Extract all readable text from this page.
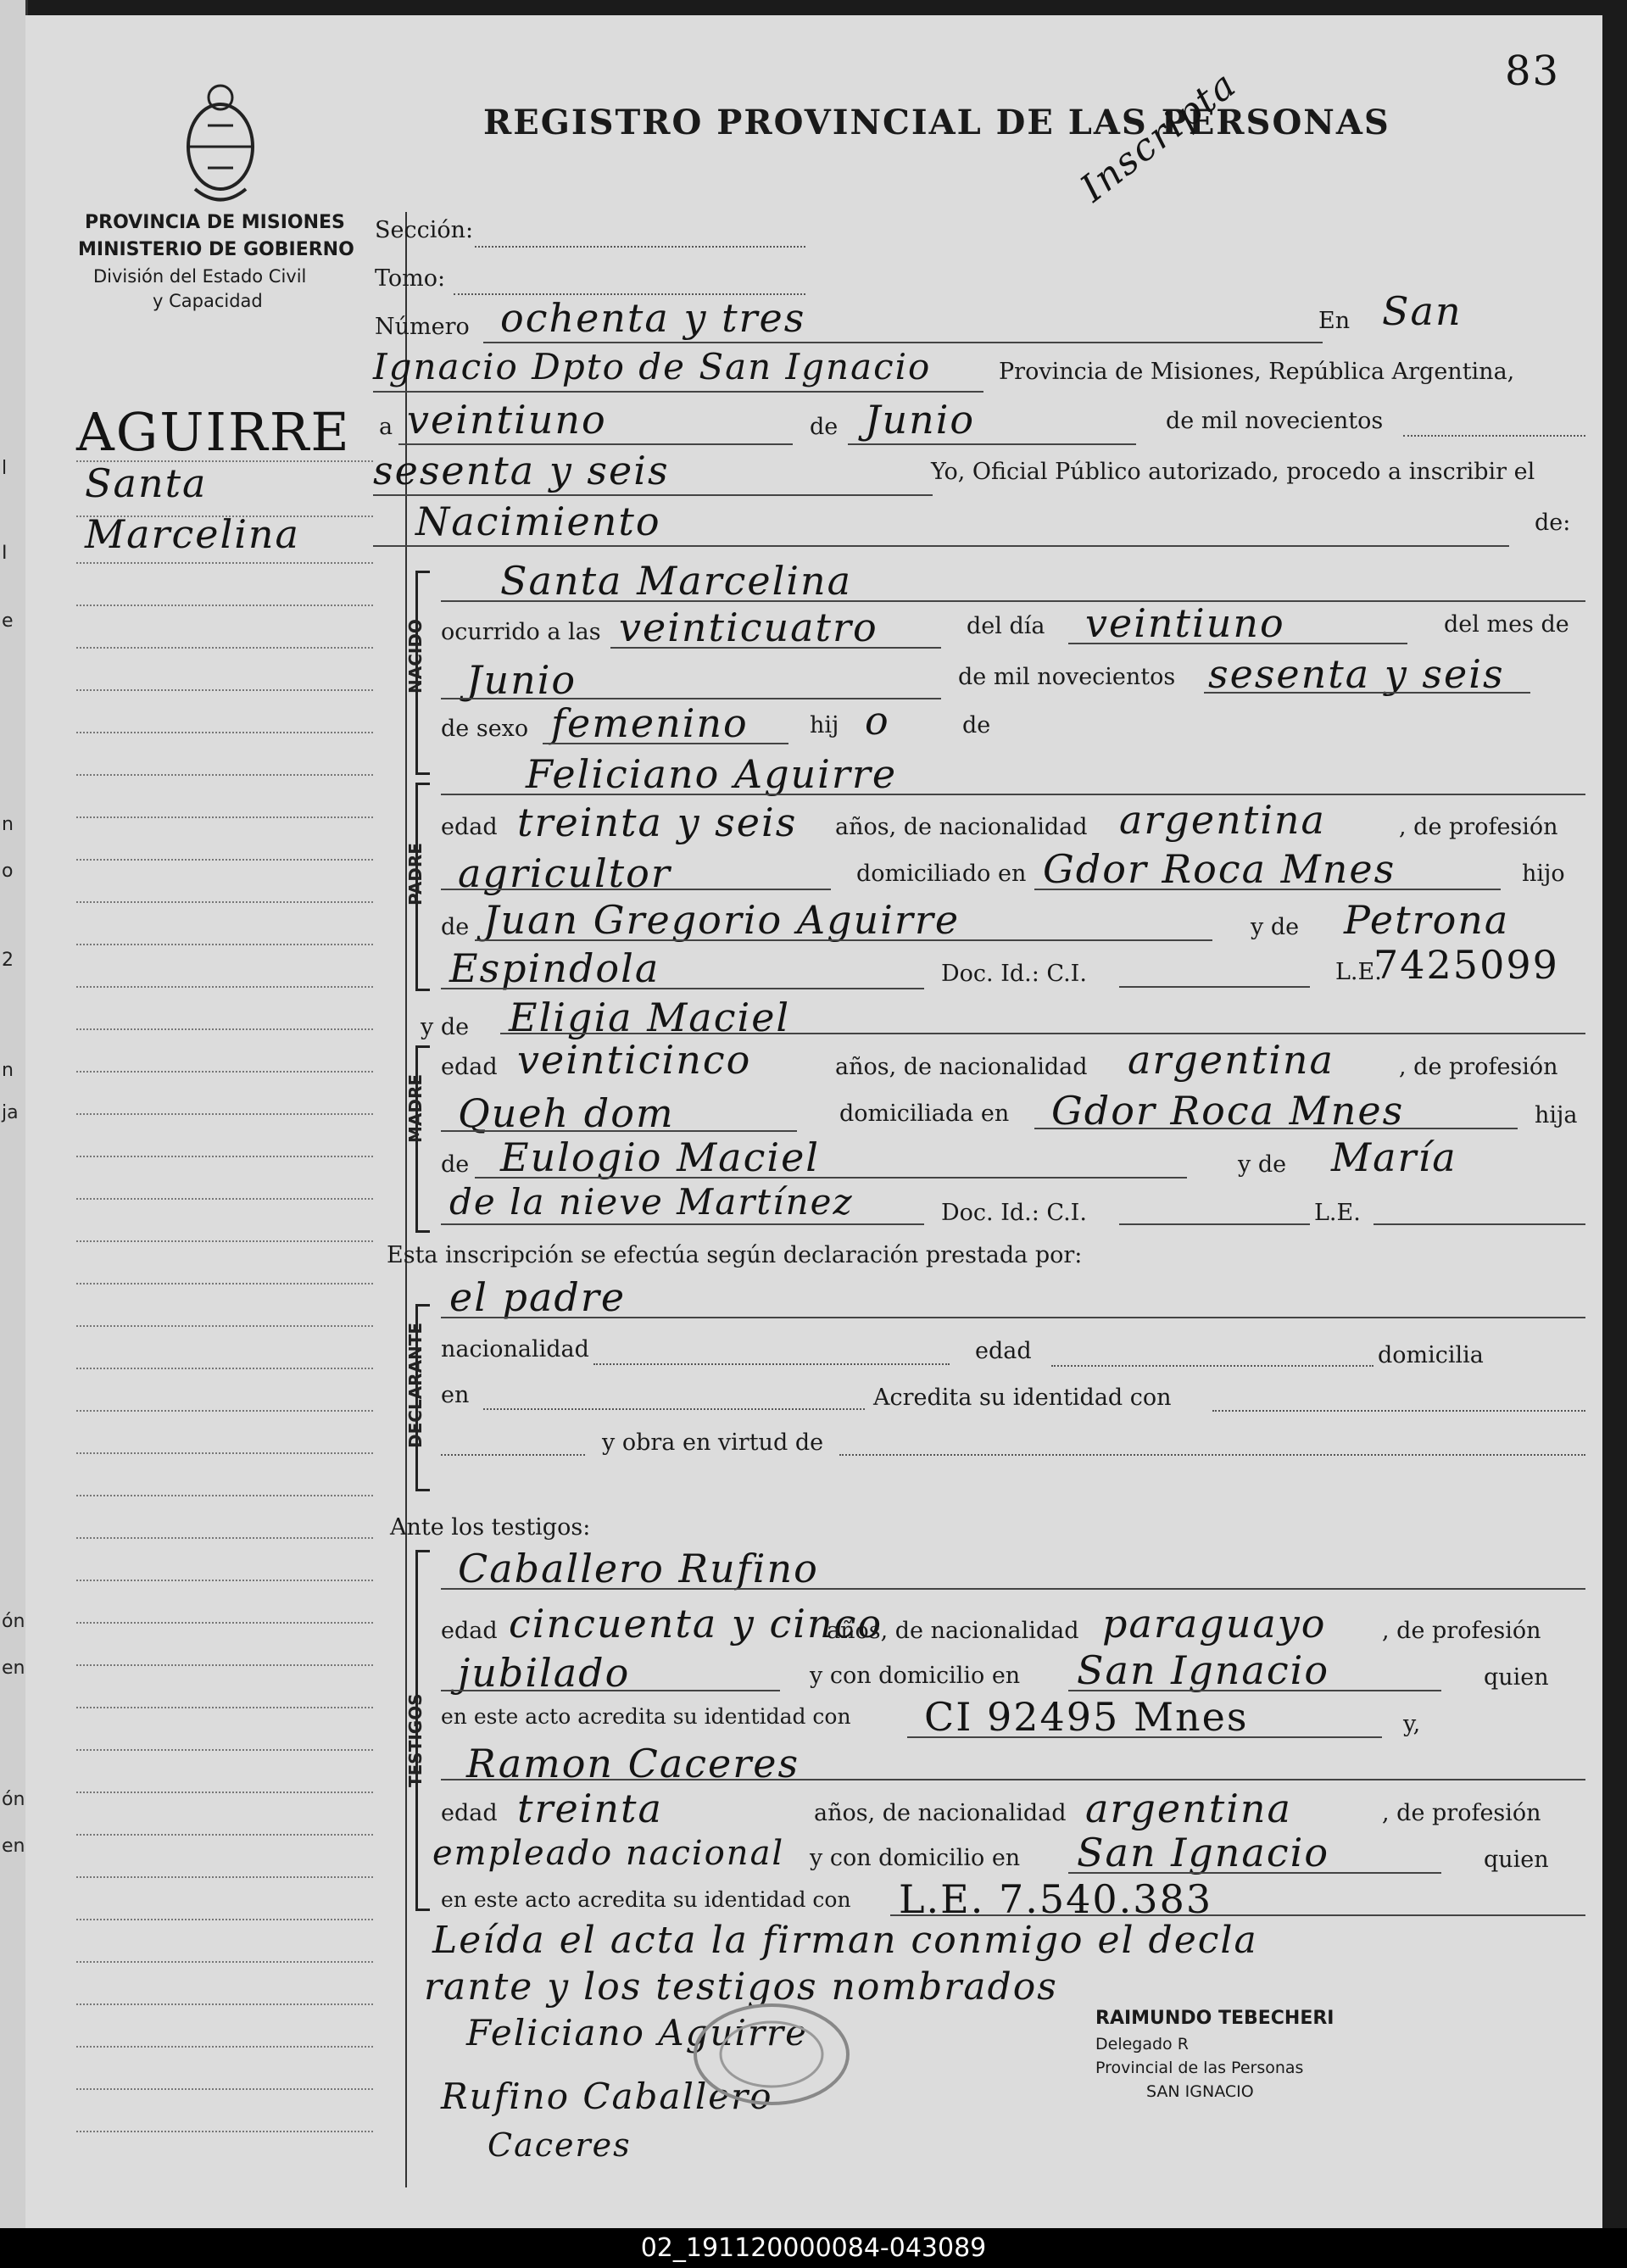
l
I
e
n
o
2
n
ja
ón
en
ón
en
PROVINCIA DE MISIONES
MINISTERIO DE GOBIERNO
División del Estado Civil
y Capacidad
REGISTRO PROVINCIAL DE LAS PERSONAS
83
Inscripta
AGUIRRE
Santa
Marcelina
Sección:
Tomo:
Número ochenta y tres	En San
Ignacio Dpto de San Ignacio	Provincia de Misiones, República Argentina,
a veintiuno	de Junio	de mil novecientos
sesenta y seis	Yo, Oficial Público autorizado, procedo a inscribir el
Nacimiento	de:
NACIDO
Santa Marcelina
ocurrido a las veinticuatro	del día veintiuno	del mes de
Junio	de mil novecientos sesenta y seis
de sexo femenino	hij o	de
PADRE
Feliciano Aguirre
edad treinta y seis años, de nacionalidad argentina	, de profesión
agricultor	domiciliado en Gdor Roca Mnes	hijo
de Juan Gregorio Aguirre	y de Petrona
Espindola	Doc. Id.: C.I.	L.E.
7425099
y de Eligia Maciel
MADRE
edad veinticinco	años, de nacionalidad argentina	, de profesión
Queh dom	domiciliada en Gdor Roca Mnes	hija
de Eulogio Maciel	y de María
de la nieve Martínez	Doc. Id.: C.I.	L.E.
Esta inscripción se efectúa según declaración prestada por:
el padre
DECLARANTE nacionalidad	edad	domicilia
en	Acredita su identidad con
y obra en virtud de
Ante los testigos:
TESTIGOS
Caballero Rufino
edad cincuenta y cinco
años, de nacionalidad paraguayo , de profesión
jubilado	y con domicilio en San Ignacio	quien
en este acto acredita su identidad con CI 92495 Mnes	y,
Ramon Caceres
edad treinta	años, de nacionalidad argentina	, de profesión
empleado nacional y con domicilio en San Ignacio	quien
en este acto acredita su identidad con L.E. 7.540.383
Leída el acta la firman conmigo el decla
rante y los testigos nombrados
Feliciano Aguirre
Rufino Caballero
Caceres
RAIMUNDO TEBECHERI
Delegado R
Provincial de las Personas
SAN IGNACIO
02_191120000084-043089
